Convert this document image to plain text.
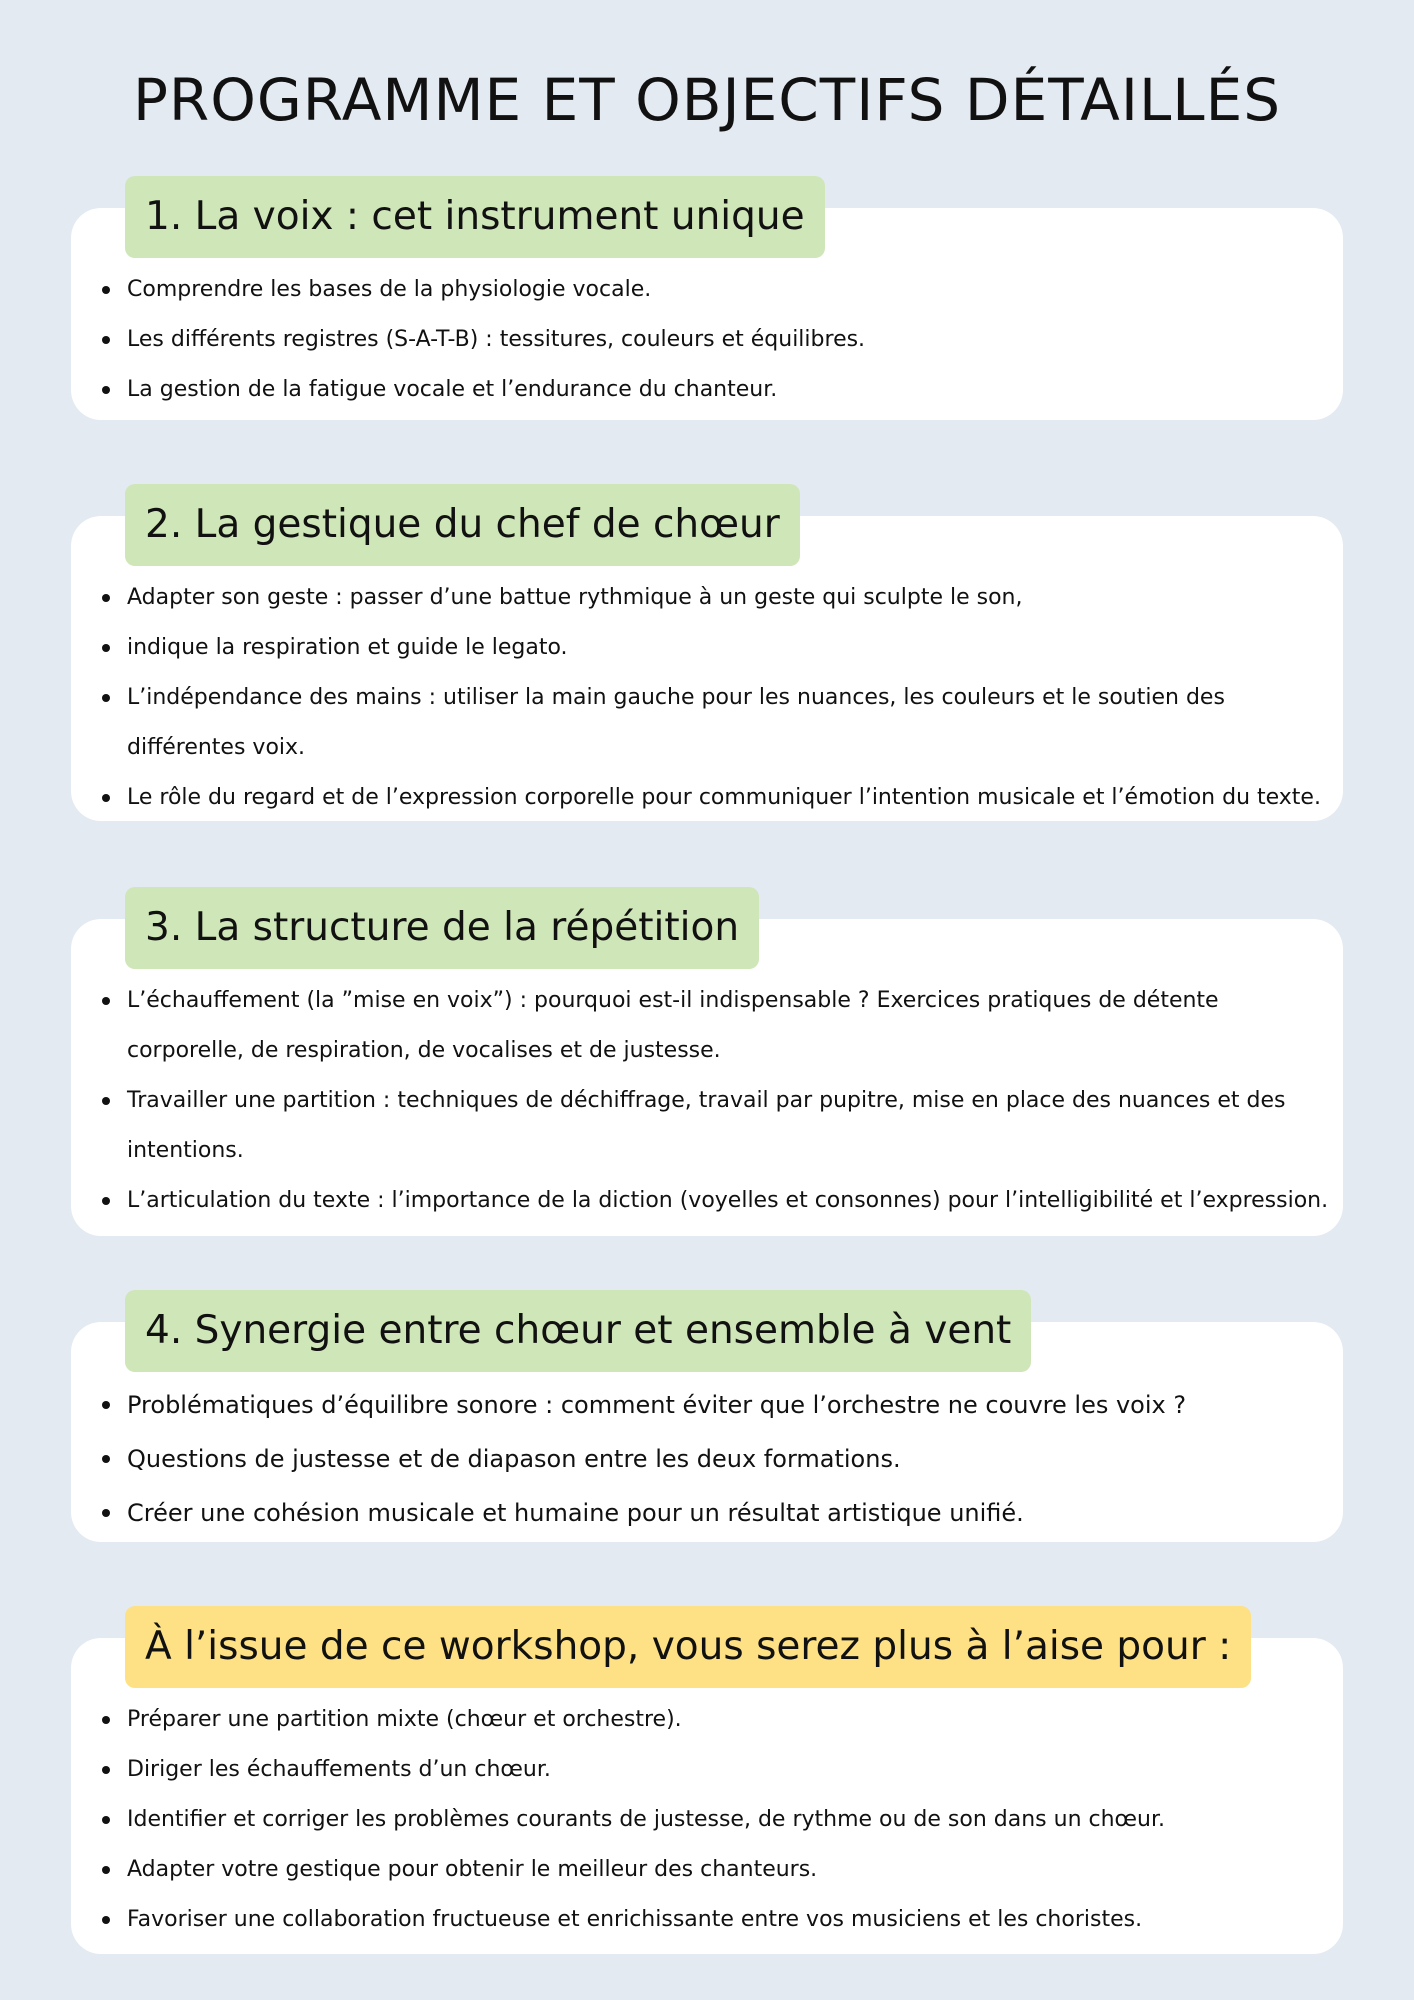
PROGRAMME ET OBJECTIFS DÉTAILLÉS
Comprendre les bases de la physiologie vocale.
Les différents registres (S-A-T-B) : tessitures, couleurs et équilibres.
La gestion de la fatigue vocale et l’endurance du chanteur.
1. La voix : cet instrument unique
Adapter son geste : passer d’une battue rythmique à un geste qui sculpte le son,
indique la respiration et guide le legato.
L’indépendance des mains : utiliser la main gauche pour les nuances, les couleurs et le soutien des différentes voix.
Le rôle du regard et de l’expression corporelle pour communiquer l’intention musicale et l’émotion du texte.
2. La gestique du chef de chœur
L’échauffement (la ”mise en voix”) : pourquoi est-il indispensable ? Exercices pratiques de détente corporelle, de respiration, de vocalises et de justesse.
Travailler une partition : techniques de déchiffrage, travail par pupitre, mise en place des nuances et des intentions.
L’articulation du texte : l’importance de la diction (voyelles et consonnes) pour l’intelligibilité et l’expression.
3. La structure de la répétition
Problématiques d’équilibre sonore : comment éviter que l’orchestre ne couvre les voix ?
Questions de justesse et de diapason entre les deux formations.
Créer une cohésion musicale et humaine pour un résultat artistique unifié.
4. Synergie entre chœur et ensemble à vent
Préparer une partition mixte (chœur et orchestre).
Diriger les échauffements d’un chœur.
Identifier et corriger les problèmes courants de justesse, de rythme ou de son dans un chœur.
Adapter votre gestique pour obtenir le meilleur des chanteurs.
Favoriser une collaboration fructueuse et enrichissante entre vos musiciens et les choristes.
À l’issue de ce workshop, vous serez plus à l’aise pour :
